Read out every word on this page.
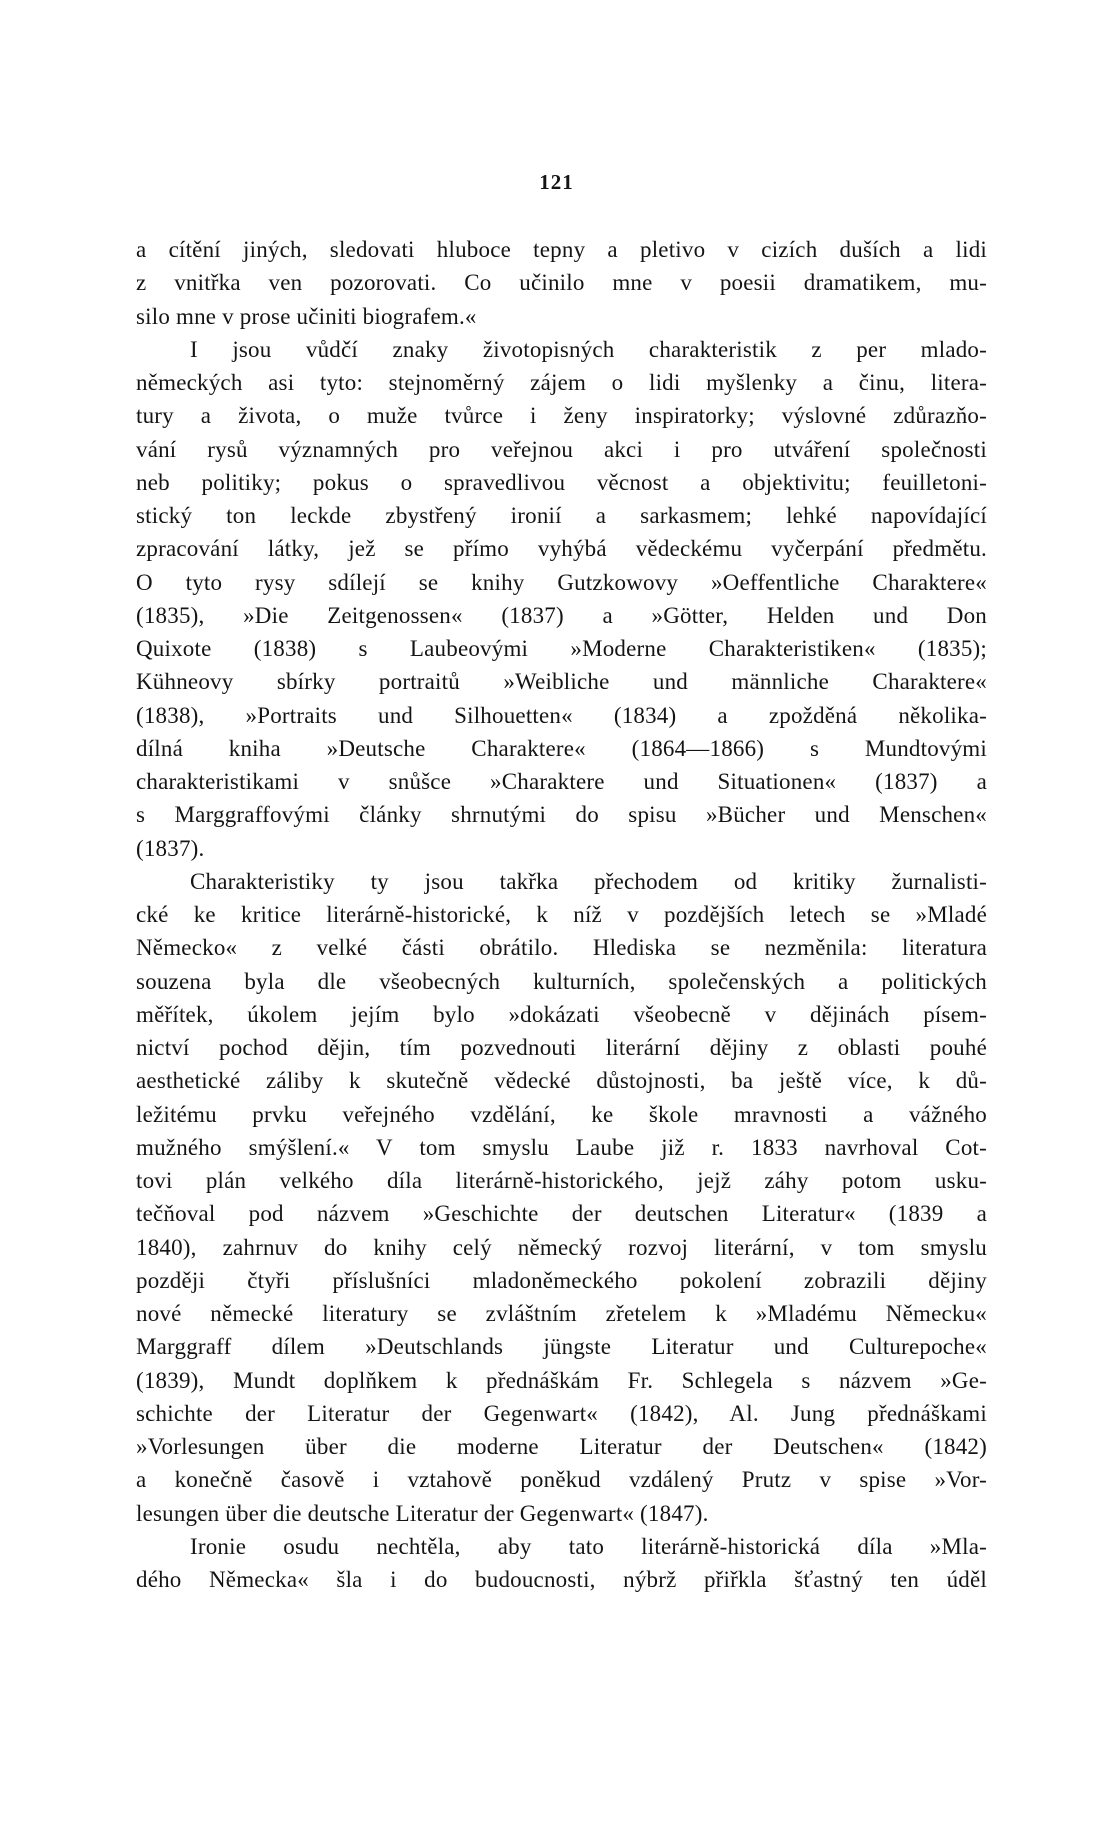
121
a cítění jiných, sledovati hluboce tepny a pletivo v cizích duších a lidi
z vnitřka ven pozorovati. Co učinilo mne v poesii dramatikem, mu-
silo mne v prose učiniti biografem.«
I jsou vůdčí znaky životopisných charakteristik z per mlado-
německých asi tyto: stejnoměrný zájem o lidi myšlenky a činu, litera-
tury a života, o muže tvůrce i ženy inspiratorky; výslovné zdůrazňo-
vání rysů významných pro veřejnou akci i pro utváření společnosti
neb politiky; pokus o spravedlivou věcnost a objektivitu; feuilletoni-
stický ton leckde zbystřený ironií a sarkasmem; lehké napovídající
zpracování látky, jež se přímo vyhýbá vědeckému vyčerpání předmětu.
O tyto rysy sdílejí se knihy Gutzkowovy »Oeffentliche Charaktere«
(1835), »Die Zeitgenossen« (1837) a »Götter, Helden und Don
Quixote (1838) s Laubeovými »Moderne Charakteristiken« (1835);
Kühneovy sbírky portraitů »Weibliche und männliche Charaktere«
(1838), »Portraits und Silhouetten« (1834) a zpožděná několika-
dílná kniha »Deutsche Charaktere« (1864—1866) s Mundtovými
charakteristikami v snůšce »Charaktere und Situationen« (1837) a
s Marggraffovými články shrnutými do spisu »Bücher und Menschen«
(1837).
Charakteristiky ty jsou takřka přechodem od kritiky žurnalisti-
cké ke kritice literárně-historické, k níž v pozdějších letech se »Mladé
Německo« z velké části obrátilo. Hlediska se nezměnila: literatura
souzena byla dle všeobecných kulturních, společenských a politických
měřítek, úkolem jejím bylo »dokázati všeobecně v dějinách písem-
nictví pochod dějin, tím pozvednouti literární dějiny z oblasti pouhé
aesthetické záliby k skutečně vědecké důstojnosti, ba ještě více, k dů-
ležitému prvku veřejného vzdělání, ke škole mravnosti a vážného
mužného smýšlení.« V tom smyslu Laube již r. 1833 navrhoval Cot-
tovi plán velkého díla literárně-historického, jejž záhy potom usku-
tečňoval pod názvem »Geschichte der deutschen Literatur« (1839 a
1840), zahrnuv do knihy celý německý rozvoj literární, v tom smyslu
později čtyři příslušníci mladoněmeckého pokolení zobrazili dějiny
nové německé literatury se zvláštním zřetelem k »Mladému Německu«
Marggraff dílem »Deutschlands jüngste Literatur und Culturepoche«
(1839), Mundt doplňkem k přednáškám Fr. Schlegela s názvem »Ge-
schichte der Literatur der Gegenwart« (1842), Al. Jung přednáškami
»Vorlesungen über die moderne Literatur der Deutschen« (1842)
a konečně časově i vztahově poněkud vzdálený Prutz v spise »Vor-
lesungen über die deutsche Literatur der Gegenwart« (1847).
Ironie osudu nechtěla, aby tato literárně-historická díla »Mla-
dého Německa« šla i do budoucnosti, nýbrž přiřkla šťastný ten úděl
